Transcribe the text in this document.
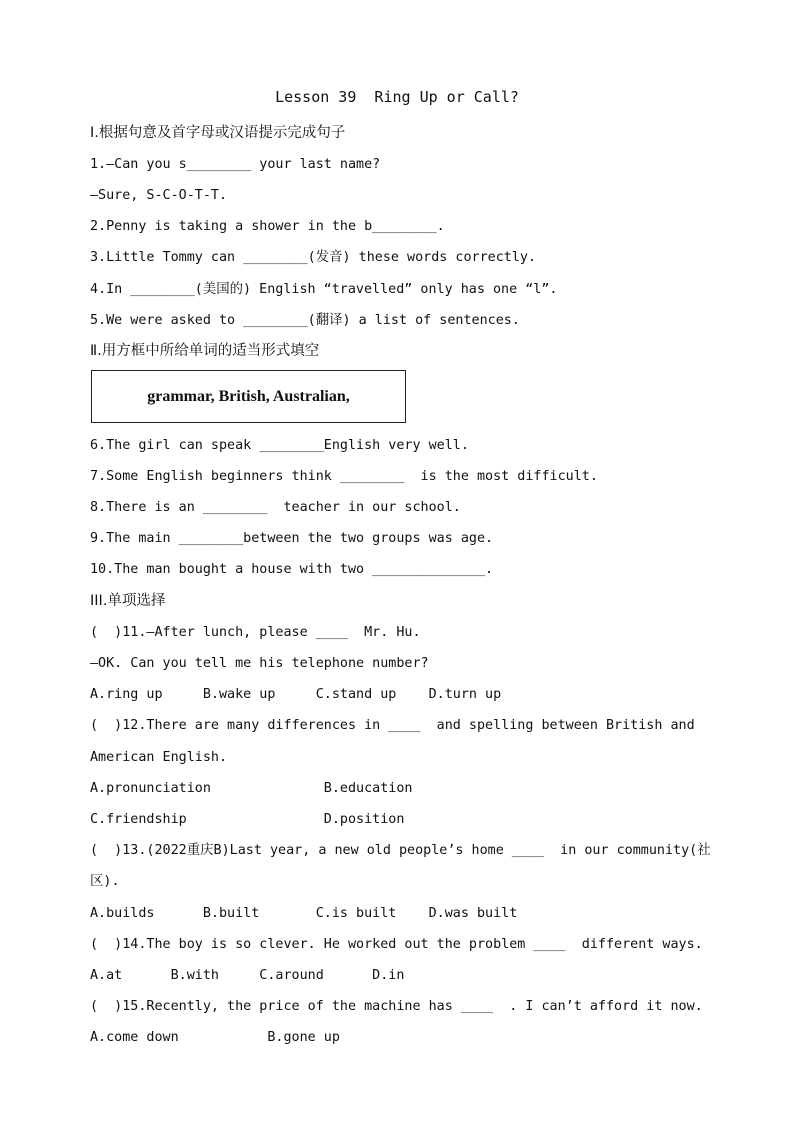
Lesson 39  Ring Up or Call?
Ⅰ.根据句意及首字母或汉语提示完成句子
1.—Can you s________ your last name?
—Sure, S-C-O-T-T.
2.Penny is taking a shower in the b________.
3.Little Tommy can ________(发音) these words correctly.
4.In ________(美国的) English “travelled” only has one “l”.
5.We were asked to ________(翻译) a list of sentences.
Ⅱ.用方框中所给单词的适当形式填空
grammar, British, Australian,
6.The girl can speak ________English very well.
7.Some English beginners think ________  is the most difficult.
8.There is an ________  teacher in our school.
9.The main ________between the two groups was age.
10.The man bought a house with two ______________.
III.单项选择
(  )11.—After lunch, please ____  Mr. Hu.
—OK. Can you tell me his telephone number?
A.ring up     B.wake up     C.stand up    D.turn up
(  )12.There are many differences in ____  and spelling between British and
American English.
A.pronunciation              B.education
C.friendship                 D.position
(  )13.(2022重庆B)Last year, a new old people’s home ____  in our community(社
区).
A.builds      B.built       C.is built    D.was built
(  )14.The boy is so clever. He worked out the problem ____  different ways.
A.at      B.with     C.around      D.in
(  )15.Recently, the price of the machine has ____  . I can’t afford it now.
A.come down           B.gone up
